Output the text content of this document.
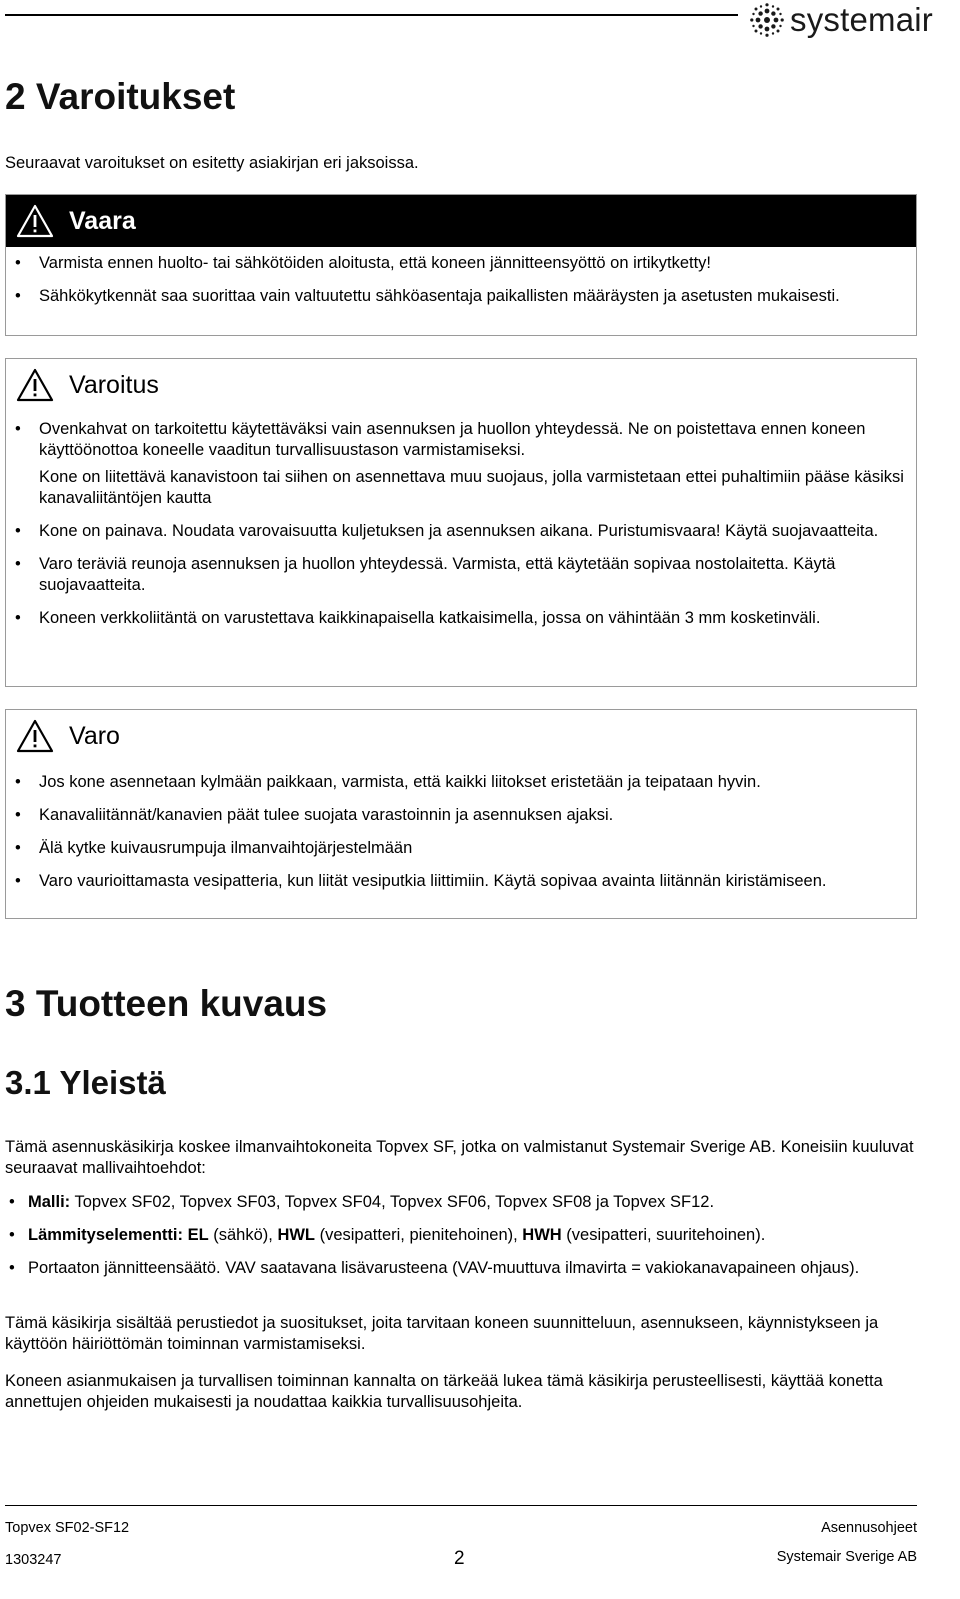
systemair
2 Varoitukset

Seuraavat varoitukset on esitetty asiakirjan eri jaksoissa.

Vaara
• Varmista ennen huolto- tai sähkötöiden aloitusta, että koneen jännitteensyöttö on irtikytketty!
• Sähkökytkennät saa suorittaa vain valtuutettu sähköasentaja paikallisten määräysten ja asetusten mukaisesti.
Varoitus
• Ovenkahvat on tarkoitettu käytettäväksi vain asennuksen ja huollon yhteydessä. Ne on poistettava ennen koneen käyttöönottoa koneelle vaaditun turvallisuustason varmistamiseksi.
Kone on liitettävä kanavistoon tai siihen on asennettava muu suojaus, jolla varmistetaan ettei puhaltimiin pääse käsiksi kanavaliitäntöjen kautta
• Kone on painava. Noudata varovaisuutta kuljetuksen ja asennuksen aikana. Puristumisvaara! Käytä suojavaatteita.
• Varo teräviä reunoja asennuksen ja huollon yhteydessä. Varmista, että käytetään sopivaa nostolaitetta. Käytä suojavaatteita.
• Koneen verkkoliitäntä on varustettava kaikkinapaisella katkaisimella, jossa on vähintään 3 mm kosketinväli.
Varo
• Jos kone asennetaan kylmään paikkaan, varmista, että kaikki liitokset eristetään ja teipataan hyvin.
• Kanavaliitännät/kanavien päät tulee suojata varastoinnin ja asennuksen ajaksi.
• Älä kytke kuivausrumpuja ilmanvaihtojärjestelmään
• Varo vaurioittamasta vesipatteria, kun liität vesiputkia liittimiin. Käytä sopivaa avainta liitännän kiristämiseen.
3 Tuotteen kuvaus
3.1 Yleistä

Tämä asennuskäsikirja koskee ilmanvaihtokoneita Topvex SF, jotka on valmistanut Systemair Sverige AB. Koneisiin kuuluvat seuraavat mallivaihtoehdot:

• Malli: Topvex SF02, Topvex SF03, Topvex SF04, Topvex SF06, Topvex SF08 ja Topvex SF12.
• Lämmityselementti: EL (sähkö), HWL (vesipatteri, pienitehoinen), HWH (vesipatteri, suuritehoinen).
• Portaaton jännitteensäätö. VAV saatavana lisävarusteena (VAV-muuttuva ilmavirta = vakiokanavapaineen ohjaus).

Tämä käsikirja sisältää perustiedot ja suositukset, joita tarvitaan koneen suunnitteluun, asennukseen, käynnistykseen ja käyttöön häiriöttömän toiminnan varmistamiseksi.

Koneen asianmukaisen ja turvallisen toiminnan kannalta on tärkeää lukea tämä käsikirja perusteellisesti, käyttää konetta annettujen ohjeiden mukaisesti ja noudattaa kaikkia turvallisuusohjeita.

Topvex SF02-SF12	Asennusohjeet
1303247	2	Systemair Sverige AB
